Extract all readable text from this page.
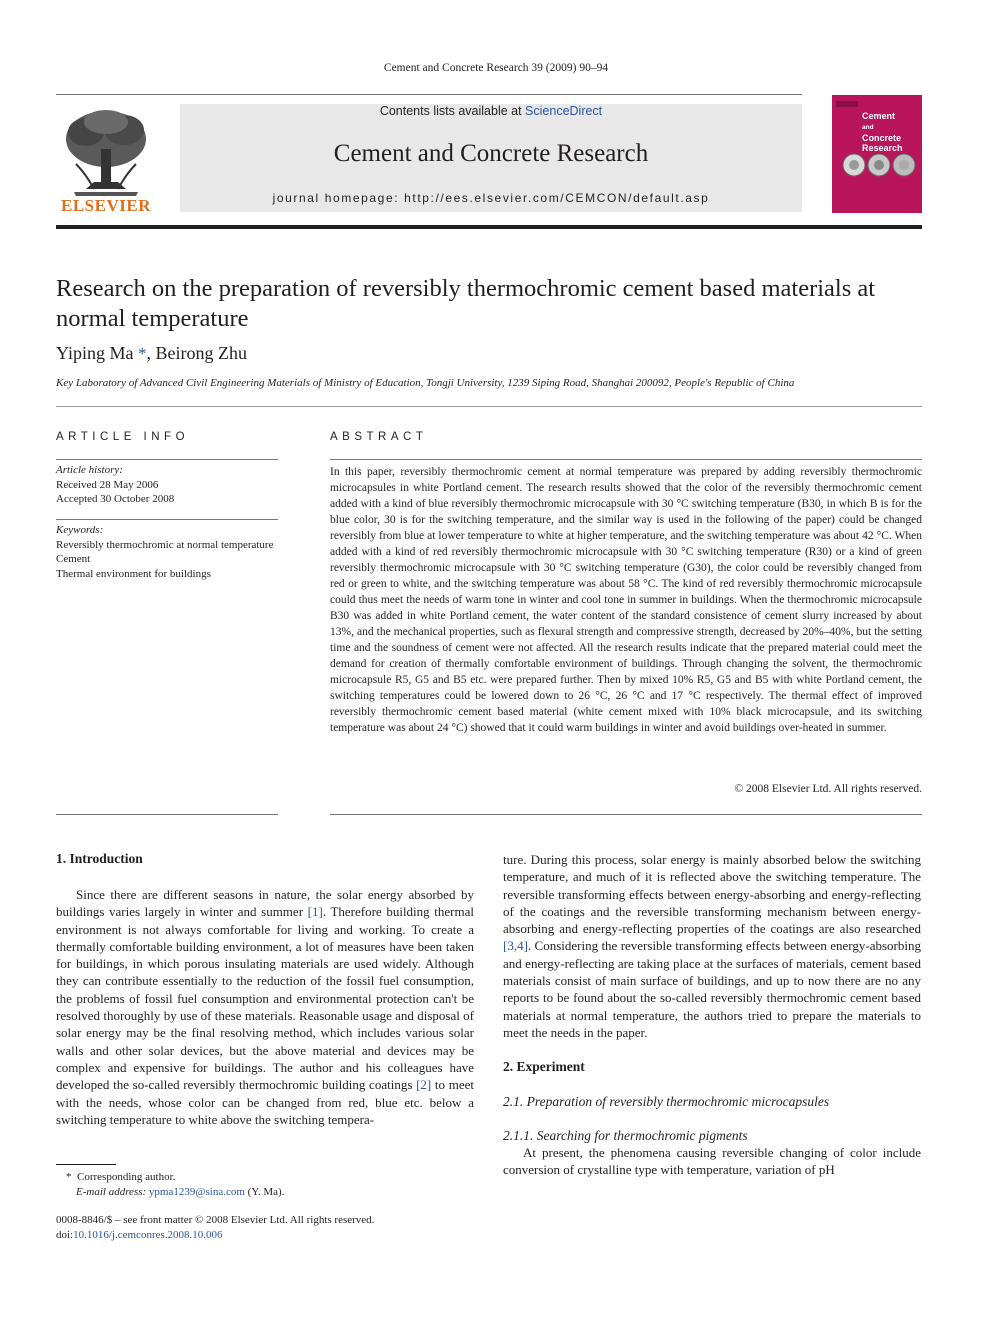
Cement and Concrete Research 39 (2009) 90–94
ELSEVIER
Contents lists available at ScienceDirect
Cement and Concrete Research
journal homepage: http://ees.elsevier.com/CEMCON/default.asp
Cement
and
Concrete
Research
Research on the preparation of reversibly thermochromic cement based materials at normal temperature
Yiping Ma *, Beirong Zhu
Key Laboratory of Advanced Civil Engineering Materials of Ministry of Education, Tongji University, 1239 Siping Road, Shanghai 200092, People's Republic of China
ARTICLE INFO
Article history:
Received 28 May 2006
Accepted 30 October 2008
Keywords:
Reversibly thermochromic at normal temperature
Cement
Thermal environment for buildings
ABSTRACT
In this paper, reversibly thermochromic cement at normal temperature was prepared by adding reversibly thermochromic microcapsules in white Portland cement. The research results showed that the color of the reversibly thermochromic cement added with a kind of blue reversibly thermochromic microcapsule with 30 °C switching temperature (B30, in which B is for the blue color, 30 is for the switching temperature, and the similar way is used in the following of the paper) could be changed reversibly from blue at lower temperature to white at higher temperature, and the switching temperature was about 42 °C. When added with a kind of red reversibly thermochromic microcapsule with 30 °C switching temperature (R30) or a kind of green reversibly thermochromic microcapsule with 30 °C switching temperature (G30), the color could be reversibly changed from red or green to white, and the switching temperature was about 58 °C. The kind of red reversibly thermochromic microcapsule could thus meet the needs of warm tone in winter and cool tone in summer in buildings. When the thermochromic microcapsule B30 was added in white Portland cement, the water content of the standard consistence of cement slurry increased by about 13%, and the mechanical properties, such as flexural strength and compressive strength, decreased by 20%–40%, but the setting time and the soundness of cement were not affected. All the research results indicate that the prepared material could meet the demand for creation of thermally comfortable environment of buildings. Through changing the solvent, the thermochromic microcapsule R5, G5 and B5 etc. were prepared further. Then by mixed 10% R5, G5 and B5 with white Portland cement, the switching temperatures could be lowered down to 26 °C, 26 °C and 17 °C respectively. The thermal effect of improved reversibly thermochromic cement based material (white cement mixed with 10% black microcapsule, and its switching temperature was about 24 °C) showed that it could warm buildings in winter and avoid buildings over-heated in summer.
© 2008 Elsevier Ltd. All rights reserved.
1. Introduction

Since there are different seasons in nature, the solar energy absorbed by buildings varies largely in winter and summer [1]. Therefore building thermal environment is not always comfortable for living and working. To create a thermally comfortable building environment, a lot of measures have been taken for buildings, in which porous insulating materials are used widely. Although they can contribute essentially to the reduction of the fossil fuel consumption, the problems of fossil fuel consumption and environmental protection can't be resolved thoroughly by use of these materials. Reasonable usage and disposal of solar energy may be the final resolving method, which includes various solar walls and other solar devices, but the above material and devices may be complex and expensive for buildings. The author and his colleagues have developed the so-called reversibly thermochromic building coatings [2] to meet with the needs, whose color can be changed from red, blue etc. below a switching temperature to white above the switching tempera-

ture. During this process, solar energy is mainly absorbed below the switching temperature, and much of it is reflected above the switching temperature. The reversible transforming effects between energy-absorbing and energy-reflecting of the coatings and the reversible transforming mechanism between energy-absorbing and energy-reflecting properties of the coatings are also researched [3,4]. Considering the reversible transforming effects between energy-absorbing and energy-reflecting are taking place at the surfaces of materials, cement based materials consist of main surface of buildings, and up to now there are no any reports to be found about the so-called reversibly thermochromic cement based materials at normal temperature, the authors tried to prepare the materials to meet the needs in the paper.

2. Experiment

2.1. Preparation of reversibly thermochromic microcapsules

2.1.1. Searching for thermochromic pigments

At present, the phenomena causing reversible changing of color include conversion of crystalline type with temperature, variation of pH

* Corresponding author.
E-mail address: ypma1239@sina.com (Y. Ma).
0008-8846/$ – see front matter © 2008 Elsevier Ltd. All rights reserved.
doi:10.1016/j.cemconres.2008.10.006
